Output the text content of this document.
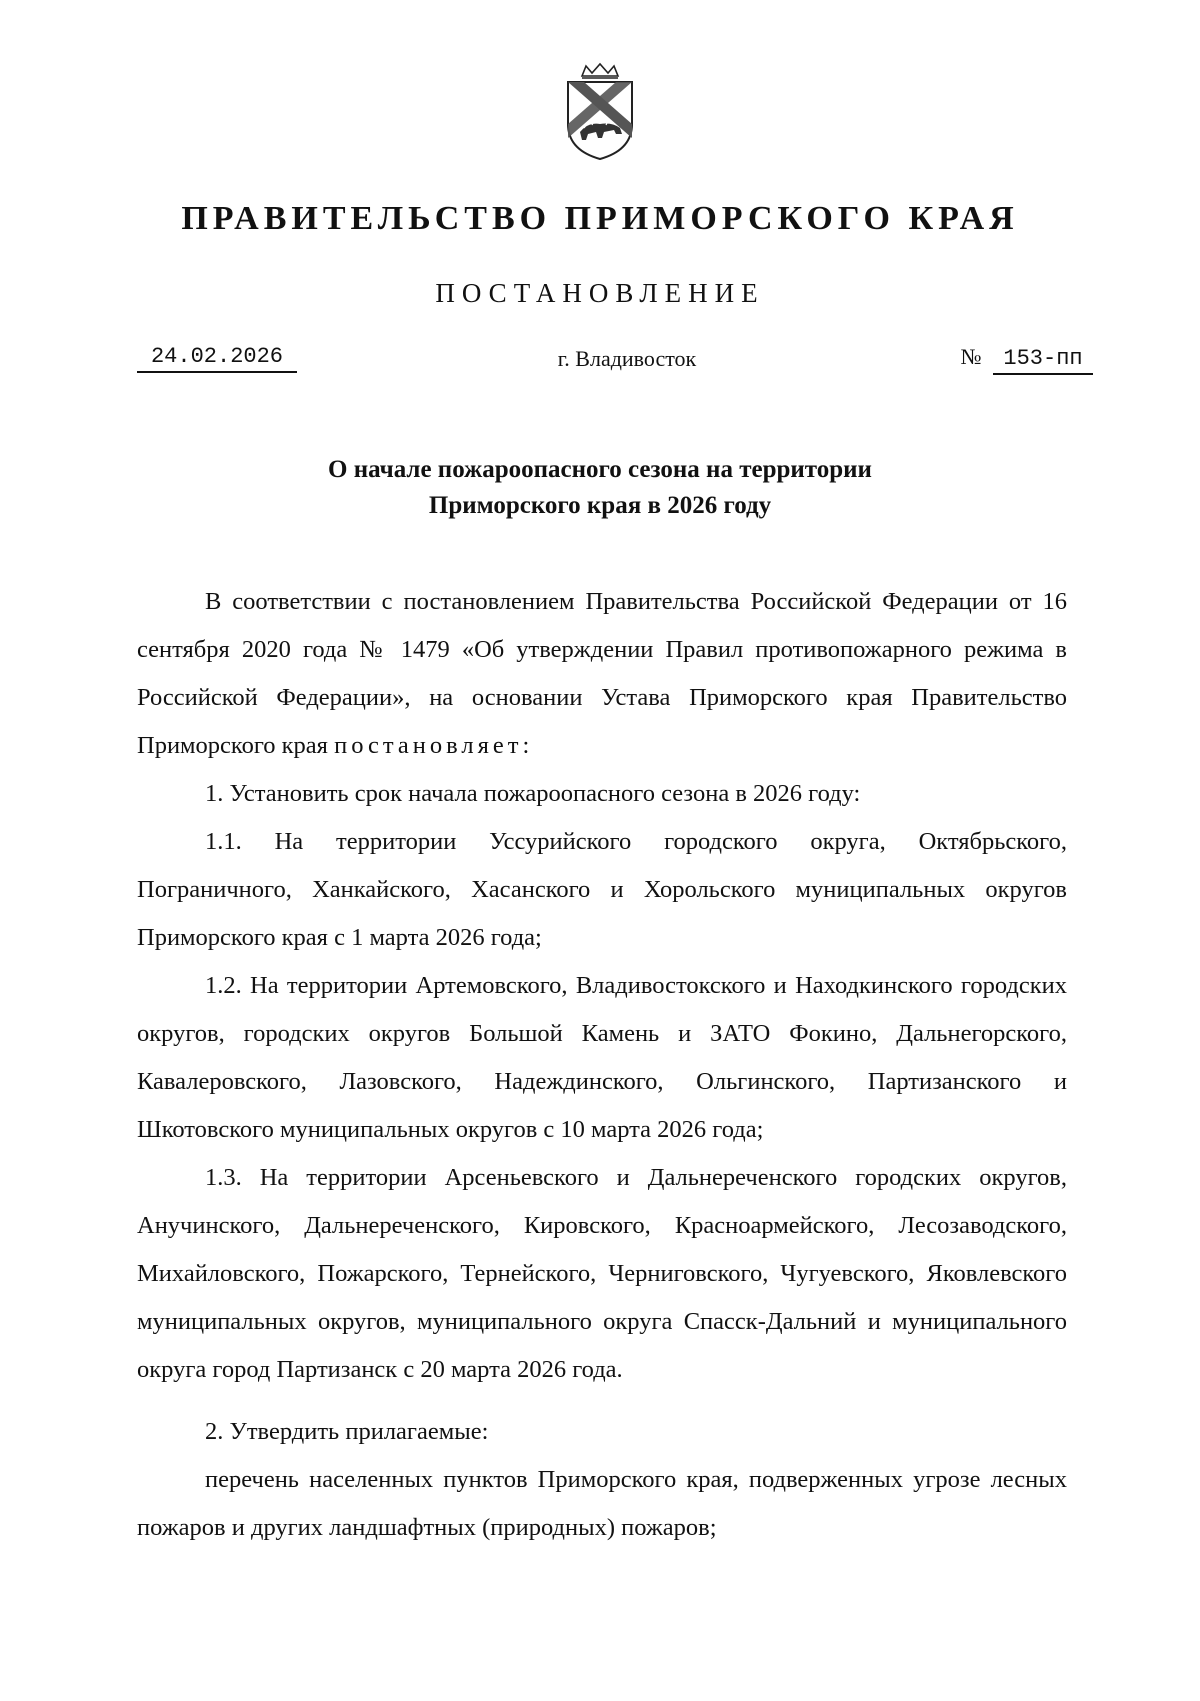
ПРАВИТЕЛЬСТВО ПРИМОРСКОГО КРАЯ
ПОСТАНОВЛЕНИЕ
24.02.2026	г. Владивосток	№ 153-пп
О начале пожароопасного сезона на территории
Приморского края в 2026 году

В соответствии с постановлением Правительства Российской Федерации от 16 сентября 2020 года № 1479 «Об утверждении Правил противопожарного режима в Российской Федерации», на основании Устава Приморского края Правительство Приморского края постановляет:

1. Установить срок начала пожароопасного сезона в 2026 году:

1.1. На территории Уссурийского городского округа, Октябрьского, Пограничного, Ханкайского, Хасанского и Хорольского муниципальных округов Приморского края с 1 марта 2026 года;

1.2. На территории Артемовского, Владивостокского и Находкинского городских округов, городских округов Большой Камень и ЗАТО Фокино, Дальнегорского, Кавалеровского, Лазовского, Надеждинского, Ольгинского, Партизанского и Шкотовского муниципальных округов с 10 марта 2026 года;

1.3. На территории Арсеньевского и Дальнереченского городских округов, Анучинского, Дальнереченского, Кировского, Красноармейского, Лесозаводского, Михайловского, Пожарского, Тернейского, Черниговского, Чугуевского, Яковлевского муниципальных округов, муниципального округа Спасск-Дальний и муниципального округа город Партизанск с 20 марта 2026 года.

2. Утвердить прилагаемые:

перечень населенных пунктов Приморского края, подверженных угрозе лесных пожаров и других ландшафтных (природных) пожаров;
